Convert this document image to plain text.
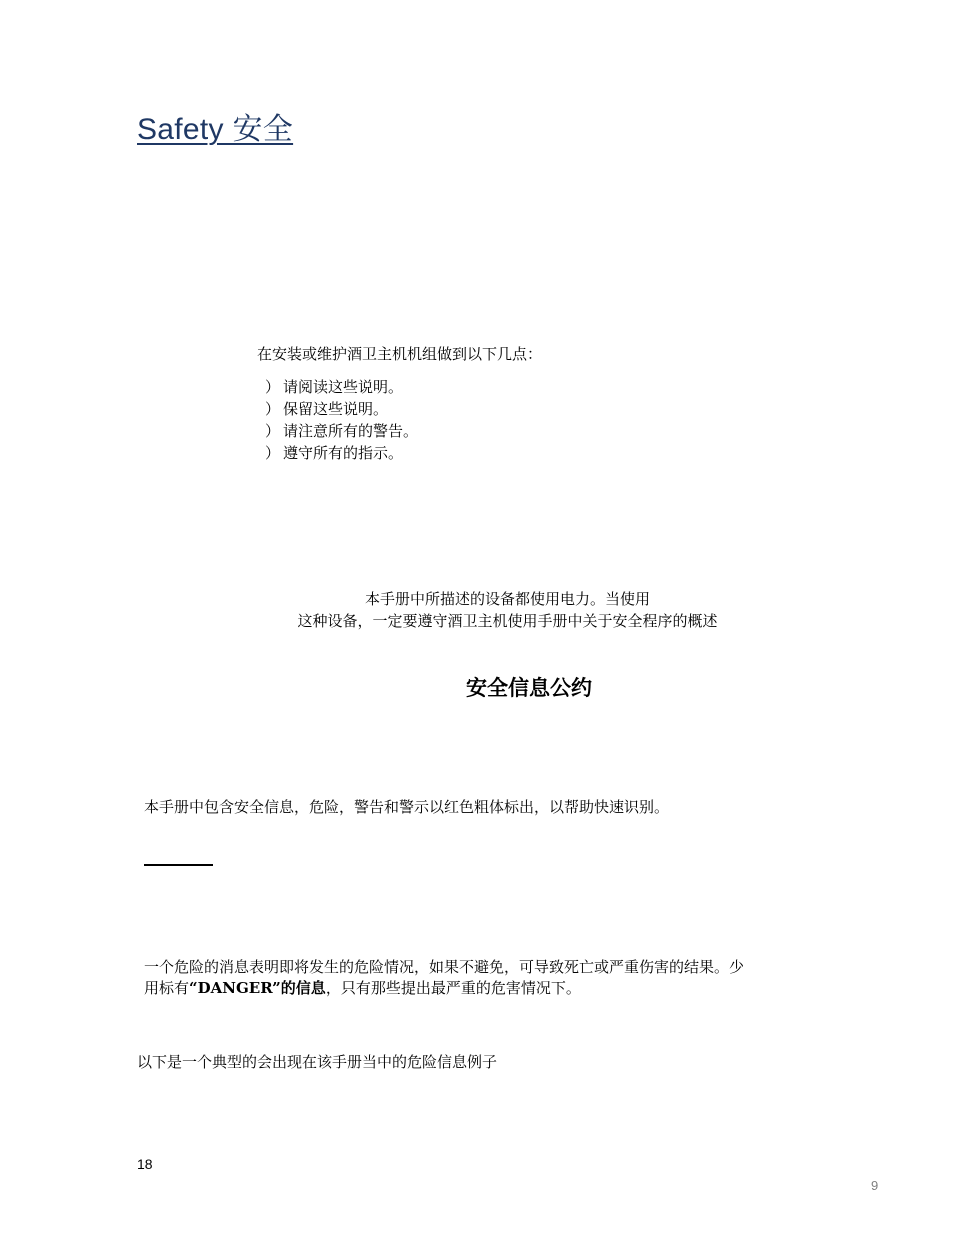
Safety 安全
在安装或维护酒卫主机机组做到以下几点：
） 请阅读这些说明。
） 保留这些说明。
） 请注意所有的警告。
） 遵守所有的指示。
本手册中所描述的设备都使用电力。当使用
这种设备，一定要遵守酒卫主机使用手册中关于安全程序的概述
安全信息公约
本手册中包含安全信息，危险，警告和警示以红色粗体标出，以帮助快速识别。
一个危险的消息表明即将发生的危险情况，如果不避免，可导致死亡或严重伤害的结果。少
用标有“DANGER”的信息，只有那些提出最严重的危害情况下。
以下是一个典型的会出现在该手册当中的危险信息例子
18
9
